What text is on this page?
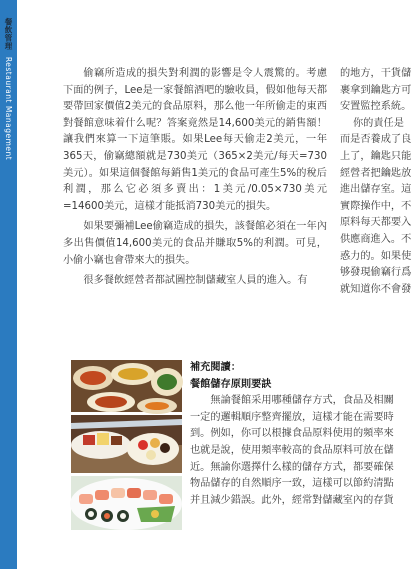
餐飲管理 Restaurant Management	偷竊所造成的損失對利潤的影響是令人震驚的。考慮下面的例子，Lee是一家餐館酒吧的驗收員，假如他每天都要帶回家價值2美元的食品原料，那么他一年所偷走的東西對餐館意味着什么呢？答案竟然是14,600美元的銷售額！讓我們來算一下這筆賬。如果Lee每天偷走2美元，一年365天，偷竊總額就是730美元（365×2美元/每天=730美元）。如果這個餐館每銷售1美元的食品可產生5%的稅后利潤，那么它必須多賣出：1美元/0.05×730美元=14600美元，這樣才能抵消730美元的損失。

如果要彌補Lee偷竊造成的損失，該餐館必須在一年內多出售價值14,600美元的食品并賺取5%的利潤。可見，小偷小竊也會帶來大的損失。

很多餐飲經營者都試圖控制儲藏室人員的進入。有

的地方，干貨儲
裹拿到鑰匙方可
安置監控系統。
你的責任是
而是否養成了良
上了，鑰匙只能
經營者把鑰匙放
進出儲存室。這
實際操作中，不
原料每天都要入
供應商進入。不
惑力的。如果使
够發現偷竊行爲
就知道你不會發

補充閱讀：

餐館儲存原則要訣

無論餐館采用哪種儲存方式，食品及相關
一定的邏輯順序整齊擺放，這樣才能在需要時
到。例如，你可以根據食品原料使用的頻率來
也就是說，使用頻率較高的食品原料可放在儲
近。無論你選擇什么樣的儲存方式，都要確保
物品儲存的自然順序一致，這樣可以節約清點
并且減少錯誤。此外，經常對儲藏室內的存貨
